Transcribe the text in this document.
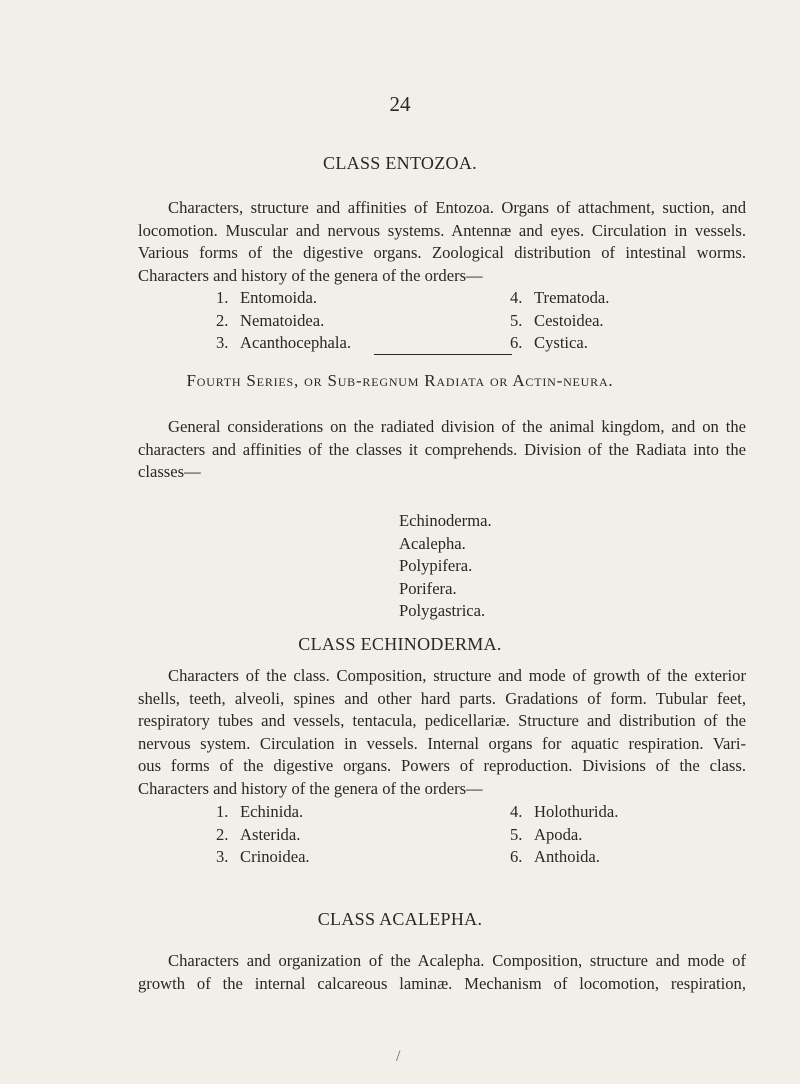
24
CLASS ENTOZOA.
Characters, structure and affinities of Entozoa. Organs of attachment, suction, and
locomotion. Muscular and nervous systems. Antennæ and eyes. Circulation in vessels.
Various forms of the digestive organs. Zoological distribution of intestinal worms.
Characters and history of the genera of the orders—
1. Entomoida.
2. Nematoidea.
3. Acanthocephala.
4. Trematoda.
5. Cestoidea.
6. Cystica.
Fourth Series, or Sub-regnum Radiata or Actin-neura.
General considerations on the radiated division of the animal kingdom, and on the
characters and affinities of the classes it comprehends. Division of the Radiata into the
classes—
Echinoderma.
Acalepha.
Polypifera.
Porifera.
Polygastrica.
CLASS ECHINODERMA.
Characters of the class. Composition, structure and mode of growth of the exterior
shells, teeth, alveoli, spines and other hard parts. Gradations of form. Tubular feet,
respiratory tubes and vessels, tentacula, pedicellariæ. Structure and distribution of the
nervous system. Circulation in vessels. Internal organs for aquatic respiration. Vari-
ous forms of the digestive organs. Powers of reproduction. Divisions of the class.
Characters and history of the genera of the orders—
1. Echinida.
2. Asterida.
3. Crinoidea.
4. Holothurida.
5. Apoda.
6. Anthoida.
CLASS ACALEPHA.
Characters and organization of the Acalepha. Composition, structure and mode of
growth of the internal calcareous laminæ. Mechanism of locomotion, respiration,
/
